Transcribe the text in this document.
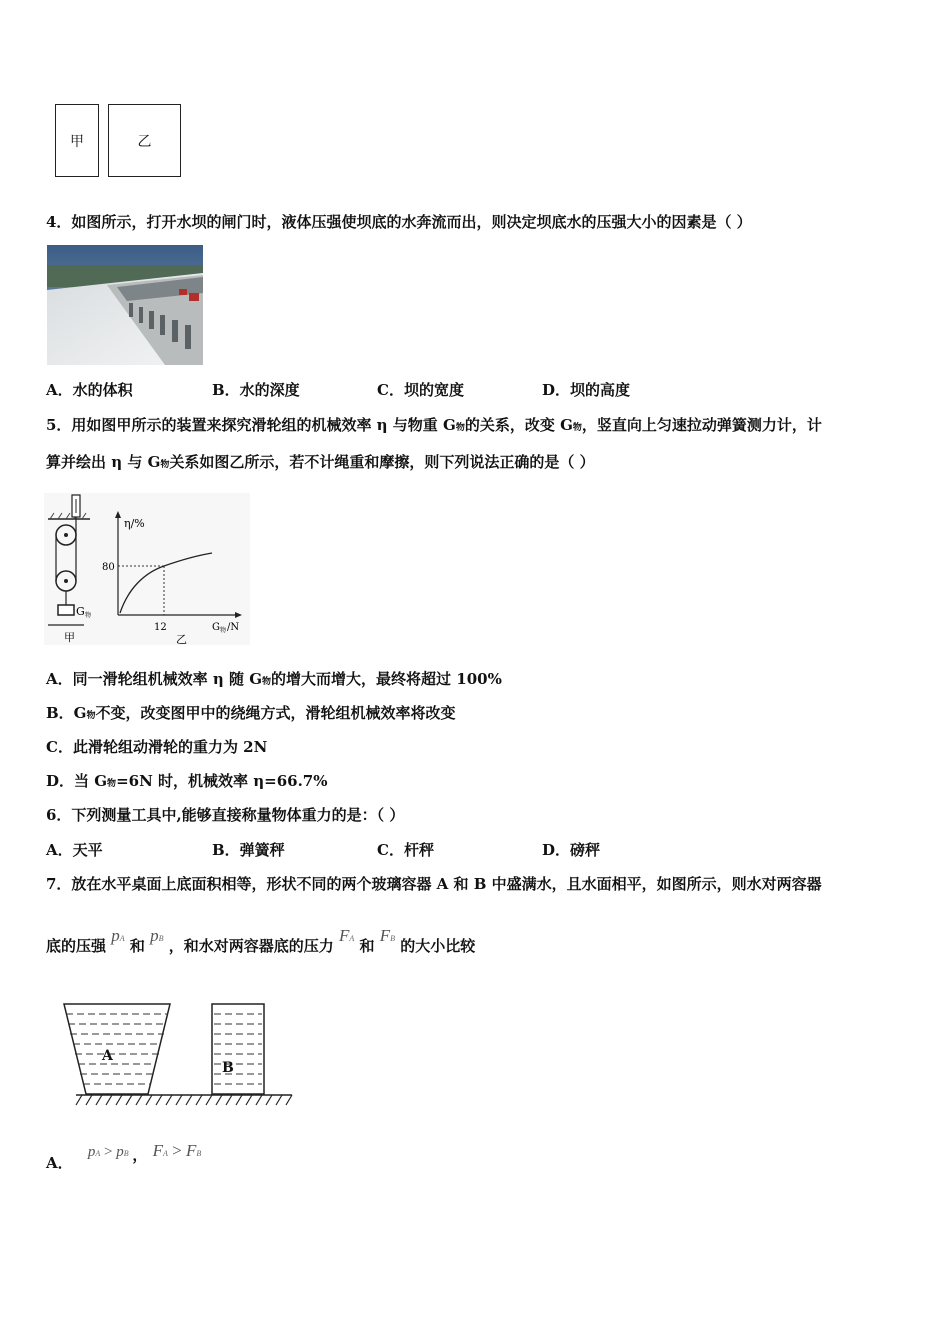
甲	乙
4．如图所示，打开水坝的闸门时，液体压强使坝底的水奔流而出，则决定坝底水的压强大小的因素是（ ）
A．水的体积	B．水的深度	C．坝的宽度	D．坝的高度
5．用如图甲所示的装置来探究滑轮组的机械效率 η 与物重 G物的关系，改变 G物，竖直向上匀速拉动弹簧测力计，计
算并绘出 η 与 G物关系如图乙所示，若不计绳重和摩擦，则下列说法正确的是（ ）
G 物
甲
η/%
80
12	G 物 /N
乙
A．同一滑轮组机械效率 η 随 G物的增大而增大，最终将超过 100%
B．G物不变，改变图甲中的绕绳方式，滑轮组机械效率将改变
C．此滑轮组动滑轮的重力为 2N
D．当 G物=6N 时，机械效率 η=66.7%
6．下列测量工具中,能够直接称量物体重力的是：（ ）
A．天平	B．弹簧秤	C．杆秤	D．磅秤
7．放在水平桌面上底面积相等，形状不同的两个玻璃容器 A 和 B 中盛满水，且水面相平，如图所示，则水对两容器
底的压强 pA 和 pB ，和水对两容器底的压力 FA 和 FB 的大小比较
A
B
A． pA > pB ， FA > FB
